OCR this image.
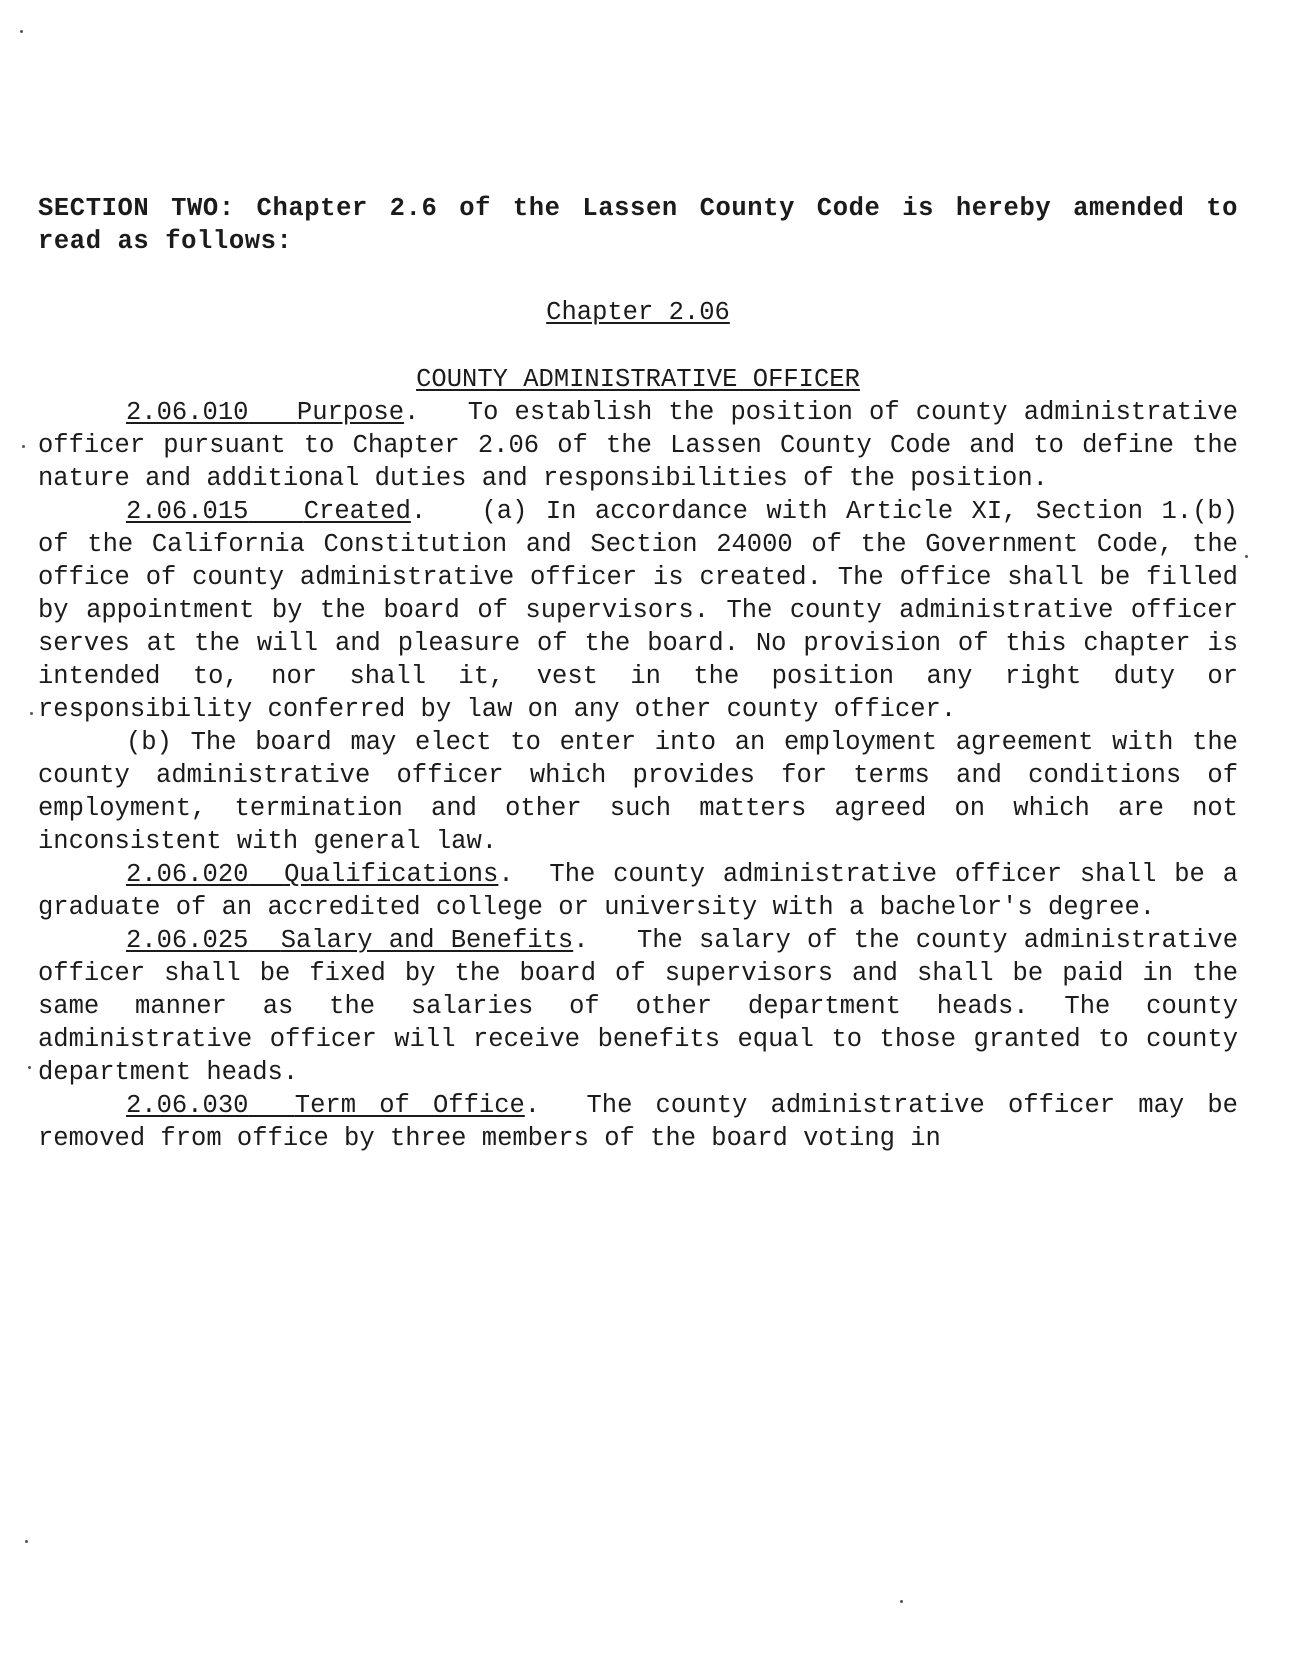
SECTION TWO: Chapter 2.6 of the Lassen County Code is hereby amended to read as follows:

Chapter 2.06

COUNTY ADMINISTRATIVE OFFICER

2.06.010 Purpose.   To establish the position of county administrative officer pursuant to Chapter 2.06 of the Lassen County Code and to define the nature and additional duties and responsibilities of the position.

2.06.015 Created.   (a) In accordance with Article XI, Section 1.(b) of the California Constitution and Section 24000 of the Government Code, the office of county administrative officer is created. The office shall be filled by appointment by the board of supervisors. The county administrative officer serves at the will and pleasure of the board. No provision of this chapter is intended to, nor shall it, vest in the position any right duty or responsibility conferred by law on any other county officer.

(b) The board may elect to enter into an employment agreement with the county administrative officer which provides for terms and conditions of employment, termination and other such matters agreed on which are not inconsistent with general law.

2.06.020 Qualifications.  The county administrative officer shall be a graduate of an accredited college or university with a bachelor's degree.

2.06.025 Salary and Benefits.   The salary of the county administrative officer shall be fixed by the board of supervisors and shall be paid in the same manner as the salaries of other department heads. The county administrative officer will receive benefits equal to those granted to county department heads.

2.06.030 Term of Office.  The county administrative officer may be removed from office by three members of the board voting in
